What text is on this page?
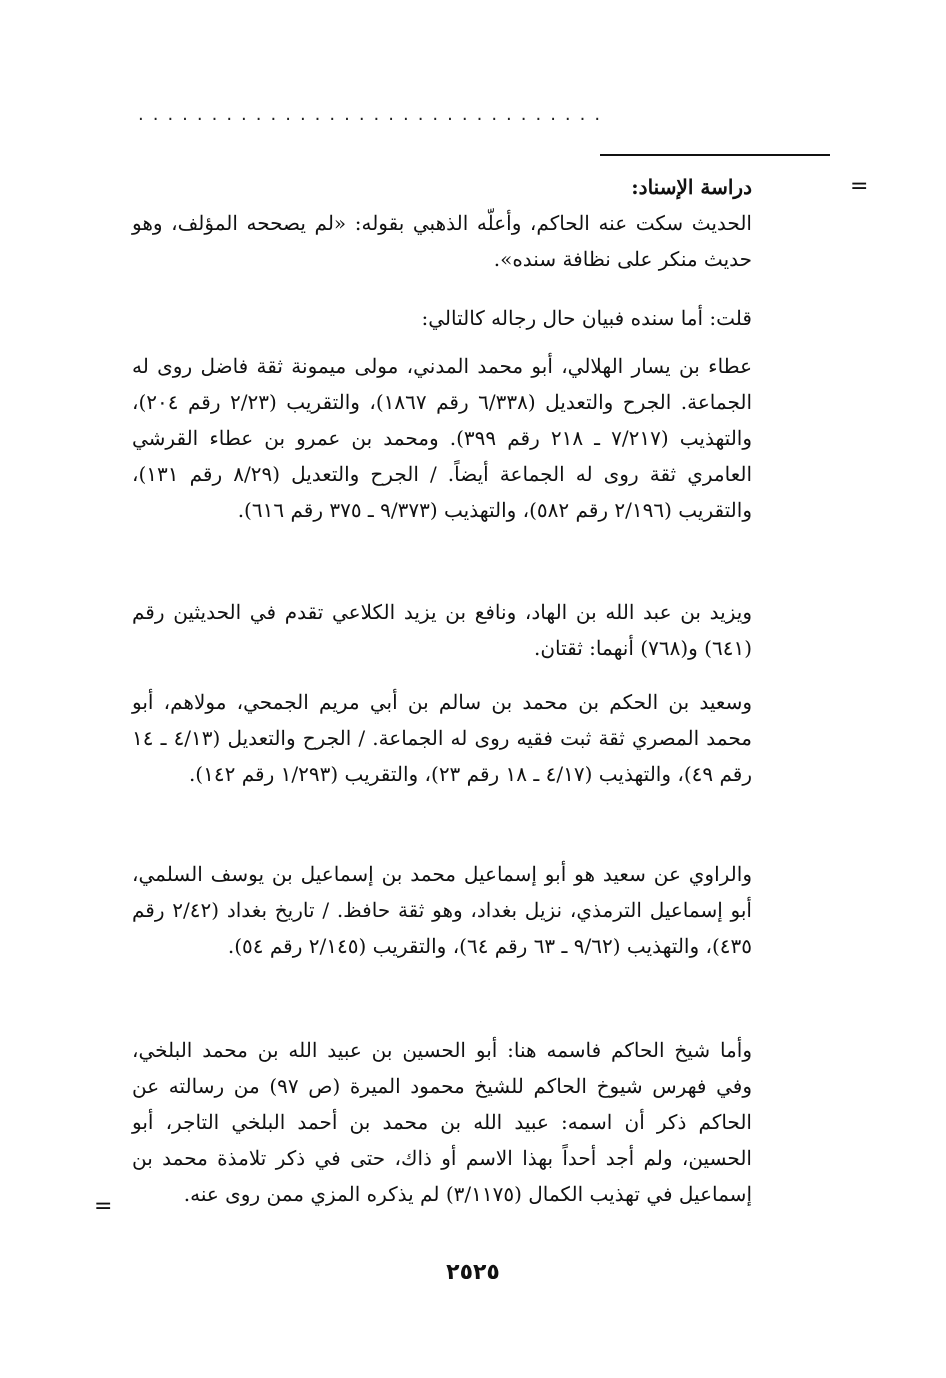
................................
=

دراسة الإسناد:

الحديث سكت عنه الحاكم، وأعلّه الذهبي بقوله: «لم يصححه المؤلف، وهو حديث منكر على نظافة سنده».

قلت: أما سنده فبيان حال رجاله كالتالي:

عطاء بن يسار الهلالي، أبو محمد المدني، مولى ميمونة ثقة فاضل روى له الجماعة. الجرح والتعديل (٦/٣٣٨ رقم ١٨٦٧)، والتقريب (٢/٢٣ رقم ٢٠٤)، والتهذيب (٧/٢١٧ ـ ٢١٨ رقم ٣٩٩). ومحمد بن عمرو بن عطاء القرشي العامري ثقة روى له الجماعة أيضاً. / الجرح والتعديل (٨/٢٩ رقم ١٣١)، والتقريب (٢/١٩٦ رقم ٥٨٢)، والتهذيب (٩/٣٧٣ ـ ٣٧٥ رقم ٦١٦).

ويزيد بن عبد الله بن الهاد، ونافع بن يزيد الكلاعي تقدم في الحديثين رقم (٦٤١) و(٧٦٨) أنهما: ثقتان.

وسعيد بن الحكم بن محمد بن سالم بن أبي مريم الجمحي، مولاهم، أبو محمد المصري ثقة ثبت فقيه روى له الجماعة. / الجرح والتعديل (٤/١٣ ـ ١٤ رقم ٤٩)، والتهذيب (٤/١٧ ـ ١٨ رقم ٢٣)، والتقريب (١/٢٩٣ رقم ١٤٢).

والراوي عن سعيد هو أبو إسماعيل محمد بن إسماعيل بن يوسف السلمي، أبو إسماعيل الترمذي، نزيل بغداد، وهو ثقة حافظ. / تاريخ بغداد (٢/٤٢ رقم ٤٣٥)، والتهذيب (٩/٦٢ ـ ٦٣ رقم ٦٤)، والتقريب (٢/١٤٥ رقم ٥٤).

وأما شيخ الحاكم فاسمه هنا: أبو الحسين بن عبيد الله بن محمد البلخي، وفي فهرس شيوخ الحاكم للشيخ محمود الميرة (ص ٩٧) من رسالته عن الحاكم ذكر أن اسمه: عبيد الله بن محمد بن أحمد البلخي التاجر، أبو الحسين، ولم أجد أحداً بهذا الاسم أو ذاك، حتى في ذكر تلامذة محمد بن إسماعيل في تهذيب الكمال (٣/١١٧٥) لم يذكره المزي ممن روى عنه.

=
٢٥٢٥
